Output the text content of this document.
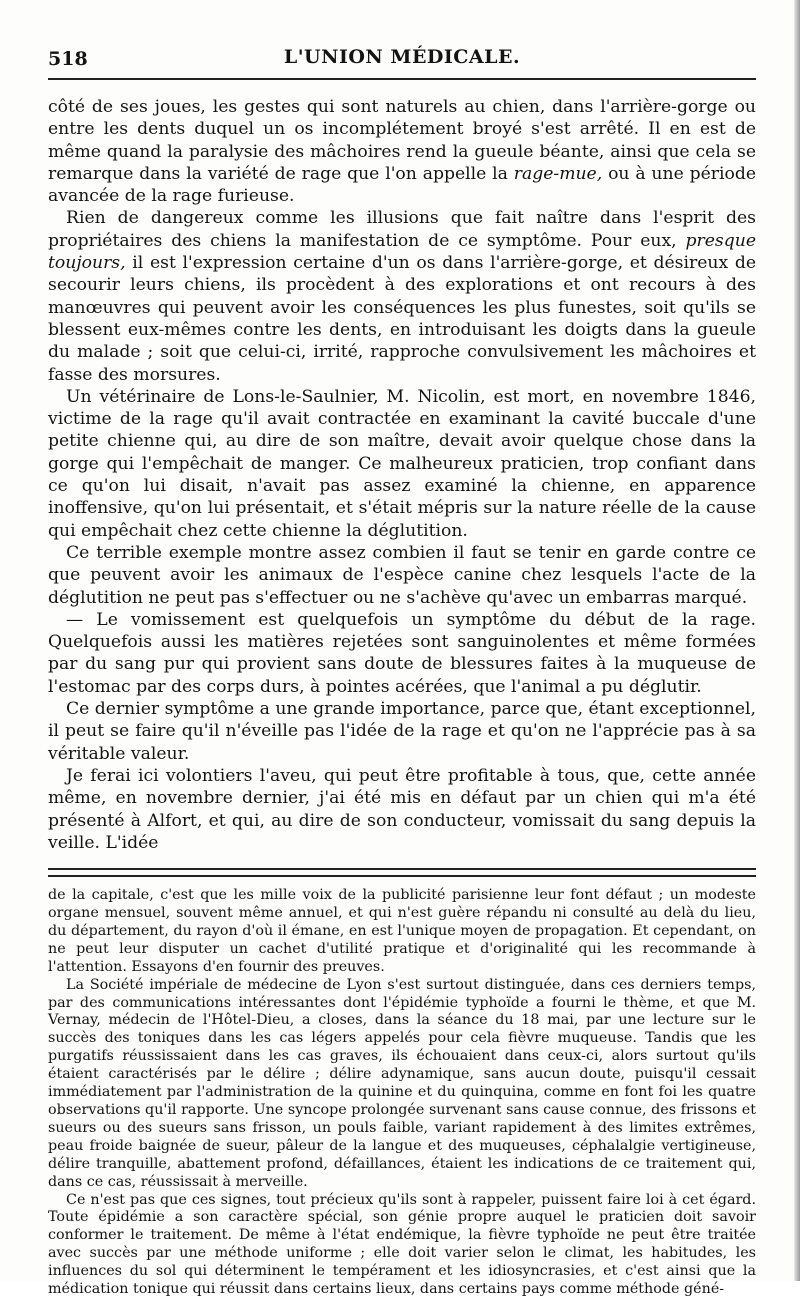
518	L'UNION MÉDICALE.

côté de ses joues, les gestes qui sont naturels au chien, dans l'arrière-gorge ou entre les dents duquel un os incomplétement broyé s'est arrêté. Il en est de même quand la paralysie des mâchoires rend la gueule béante, ainsi que cela se remarque dans la variété de rage que l'on appelle la rage-mue, ou à une période avancée de la rage furieuse.

Rien de dangereux comme les illusions que fait naître dans l'esprit des propriétaires des chiens la manifestation de ce symptôme. Pour eux, presque toujours, il est l'expression certaine d'un os dans l'arrière-gorge, et désireux de secourir leurs chiens, ils procèdent à des explorations et ont recours à des manœuvres qui peuvent avoir les conséquences les plus funestes, soit qu'ils se blessent eux-mêmes contre les dents, en introduisant les doigts dans la gueule du malade ; soit que celui-ci, irrité, rapproche convulsivement les mâchoires et fasse des morsures.

Un vétérinaire de Lons-le-Saulnier, M. Nicolin, est mort, en novembre 1846, victime de la rage qu'il avait contractée en examinant la cavité buccale d'une petite chienne qui, au dire de son maître, devait avoir quelque chose dans la gorge qui l'empêchait de manger. Ce malheureux praticien, trop confiant dans ce qu'on lui disait, n'avait pas assez examiné la chienne, en apparence inoffensive, qu'on lui présentait, et s'était mépris sur la nature réelle de la cause qui empêchait chez cette chienne la déglutition.

Ce terrible exemple montre assez combien il faut se tenir en garde contre ce que peuvent avoir les animaux de l'espèce canine chez lesquels l'acte de la déglutition ne peut pas s'effectuer ou ne s'achève qu'avec un embarras marqué.

— Le vomissement est quelquefois un symptôme du début de la rage. Quelquefois aussi les matières rejetées sont sanguinolentes et même formées par du sang pur qui provient sans doute de blessures faites à la muqueuse de l'estomac par des corps durs, à pointes acérées, que l'animal a pu déglutir.

Ce dernier symptôme a une grande importance, parce que, étant exceptionnel, il peut se faire qu'il n'éveille pas l'idée de la rage et qu'on ne l'apprécie pas à sa véritable valeur.

Je ferai ici volontiers l'aveu, qui peut être profitable à tous, que, cette année même, en novembre dernier, j'ai été mis en défaut par un chien qui m'a été présenté à Alfort, et qui, au dire de son conducteur, vomissait du sang depuis la veille. L'idée

de la capitale, c'est que les mille voix de la publicité parisienne leur font défaut ; un modeste organe mensuel, souvent même annuel, et qui n'est guère répandu ni consulté au delà du lieu, du département, du rayon d'où il émane, en est l'unique moyen de propagation. Et cependant, on ne peut leur disputer un cachet d'utilité pratique et d'originalité qui les recommande à l'attention. Essayons d'en fournir des preuves.

La Société impériale de médecine de Lyon s'est surtout distinguée, dans ces derniers temps, par des communications intéressantes dont l'épidémie typhoïde a fourni le thème, et que M. Vernay, médecin de l'Hôtel-Dieu, a closes, dans la séance du 18 mai, par une lecture sur le succès des toniques dans les cas légers appelés pour cela fièvre muqueuse. Tandis que les purgatifs réussissaient dans les cas graves, ils échouaient dans ceux-ci, alors surtout qu'ils étaient caractérisés par le délire ; délire adynamique, sans aucun doute, puisqu'il cessait immédiatement par l'administration de la quinine et du quinquina, comme en font foi les quatre observations qu'il rapporte. Une syncope prolongée survenant sans cause connue, des frissons et sueurs ou des sueurs sans frisson, un pouls faible, variant rapidement à des limites extrêmes, peau froide baignée de sueur, pâleur de la langue et des muqueuses, céphalalgie vertigineuse, délire tranquille, abattement profond, défaillances, étaient les indications de ce traitement qui, dans ce cas, réussissait à merveille.

Ce n'est pas que ces signes, tout précieux qu'ils sont à rappeler, puissent faire loi à cet égard. Toute épidémie a son caractère spécial, son génie propre auquel le praticien doit savoir conformer le traitement. De même à l'état endémique, la fièvre typhoïde ne peut être traitée avec succès par une méthode uniforme ; elle doit varier selon le climat, les habitudes, les influences du sol qui déterminent le tempérament et les idiosyncrasies, et c'est ainsi que la médication tonique qui réussit dans certains lieux, dans certains pays comme méthode géné-
